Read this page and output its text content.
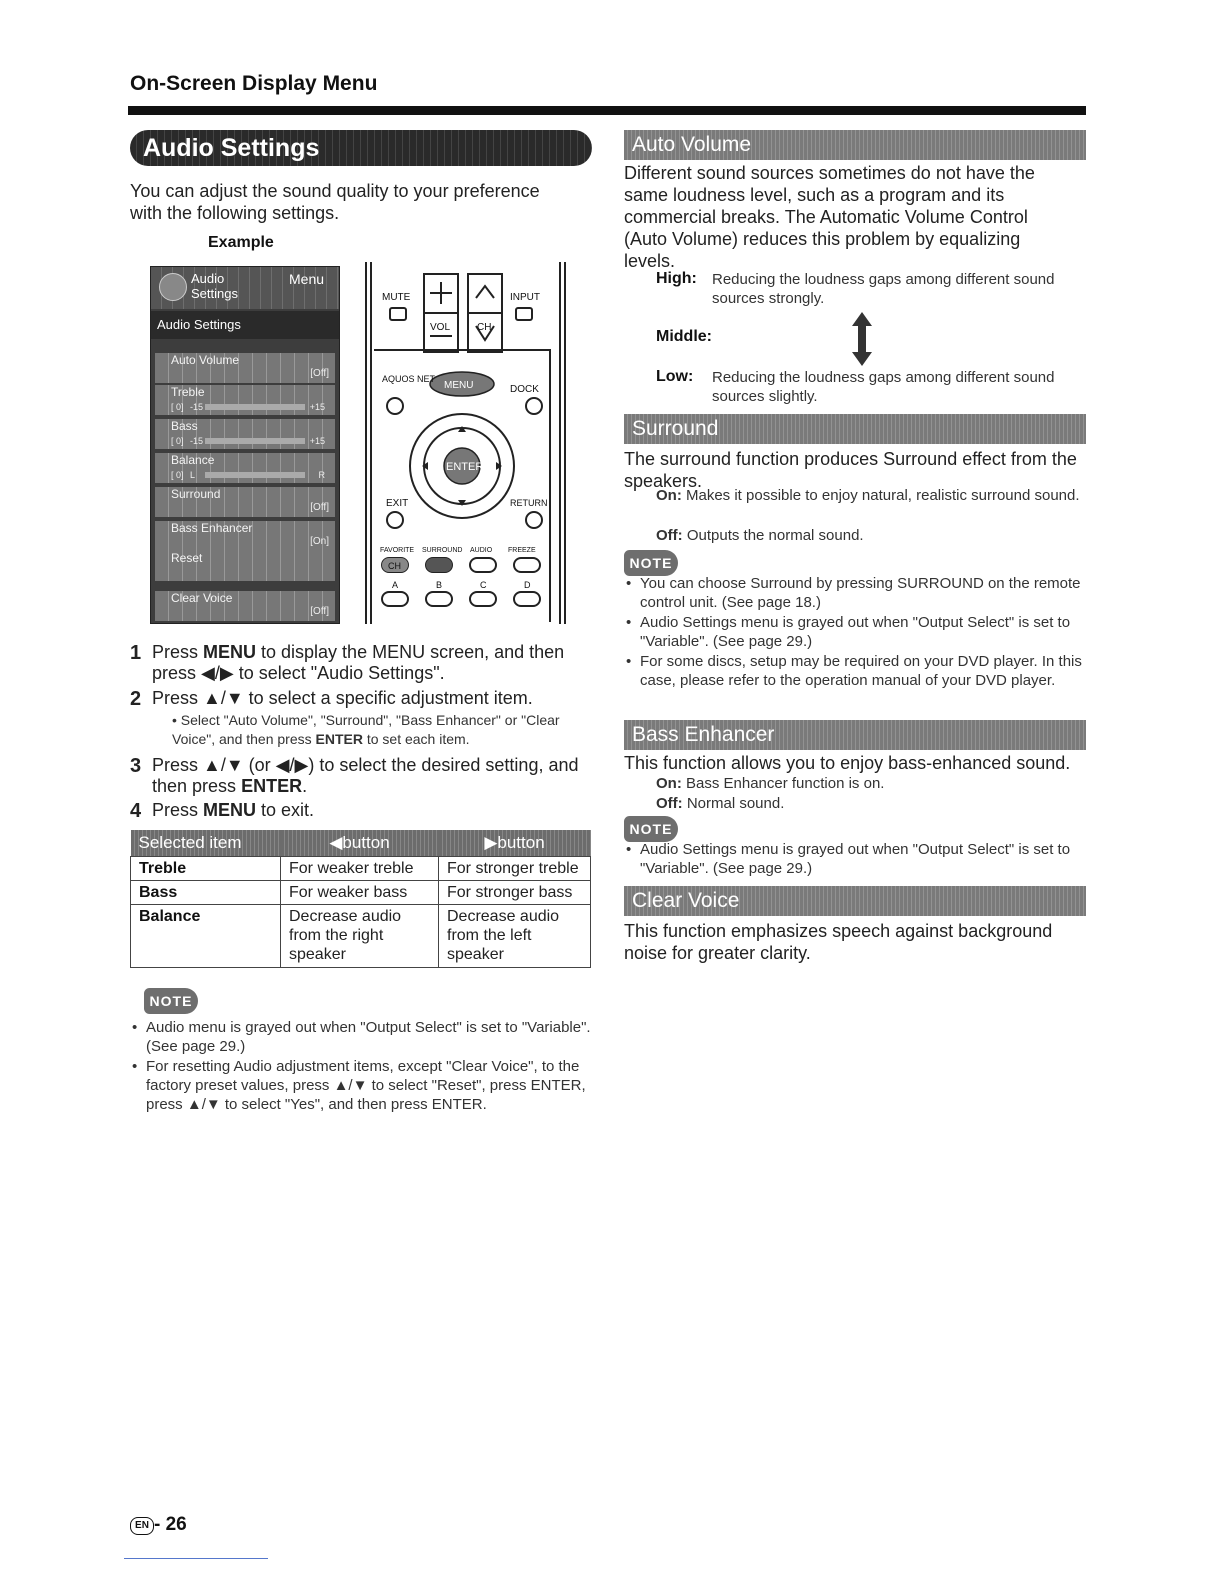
On-Screen Display Menu
Audio Settings
You can adjust the sound quality to your preference with the following settings.
Example
Audio Settings
Menu
Audio Settings
Auto Volume
[Off]
Treble
[ 0] -15	+15
Bass
[ 0] -15	+15
Balance
[ 0] L	R
Surround
[Off]
Bass Enhancer
[On]
Reset
Clear Voice
[Off]
MUTE
VOL	CH
INPUT
AQUOS NET
MENU	DOCK
ENTER
EXIT	RETURN
FAVORITE SURROUND AUDIO FREEZE
CH
A	B	C	D
1 Press MENU to display the MENU screen, and then press ◀/▶ to select "Audio Settings".
2 Press ▲/▼ to select a specific adjustment item.
• Select "Auto Volume", "Surround", "Bass Enhancer" or "Clear Voice", and then press ENTER to set each item.
3 Press ▲/▼ (or ◀/▶) to select the desired setting, and then press ENTER.
4 Press MENU to exit.
Selected item	◀button	▶button
Treble	For weaker treble	For stronger treble
Bass	For weaker bass	For stronger bass
Balance	Decrease audio from the right speaker	Decrease audio from the left speaker
NOTE
• Audio menu is grayed out when "Output Select" is set to "Variable". (See page 29.)
• For resetting Audio adjustment items, except "Clear Voice", to the factory preset values, press ▲/▼ to select "Reset", press ENTER, press ▲/▼ to select "Yes", and then press ENTER.
Auto Volume
Different sound sources sometimes do not have the same loudness level, such as a program and its commercial breaks. The Automatic Volume Control (Auto Volume) reduces this problem by equalizing levels.
High: Reducing the loudness gaps among different sound sources strongly.
Middle:
Low: Reducing the loudness gaps among different sound sources slightly.
Surround
The surround function produces Surround effect from the speakers.
On: Makes it possible to enjoy natural, realistic surround sound.
Off: Outputs the normal sound.
NOTE
• You can choose Surround by pressing SURROUND on the remote control unit. (See page 18.)
• Audio Settings menu is grayed out when "Output Select" is set to "Variable". (See page 29.)
• For some discs, setup may be required on your DVD player. In this case, please refer to the operation manual of your DVD player.
Bass Enhancer
This function allows you to enjoy bass-enhanced sound.
On: Bass Enhancer function is on.
Off: Normal sound.
NOTE
• Audio Settings menu is grayed out when "Output Select" is set to "Variable". (See page 29.)
Clear Voice
This function emphasizes speech against background noise for greater clarity.
EN - 26
